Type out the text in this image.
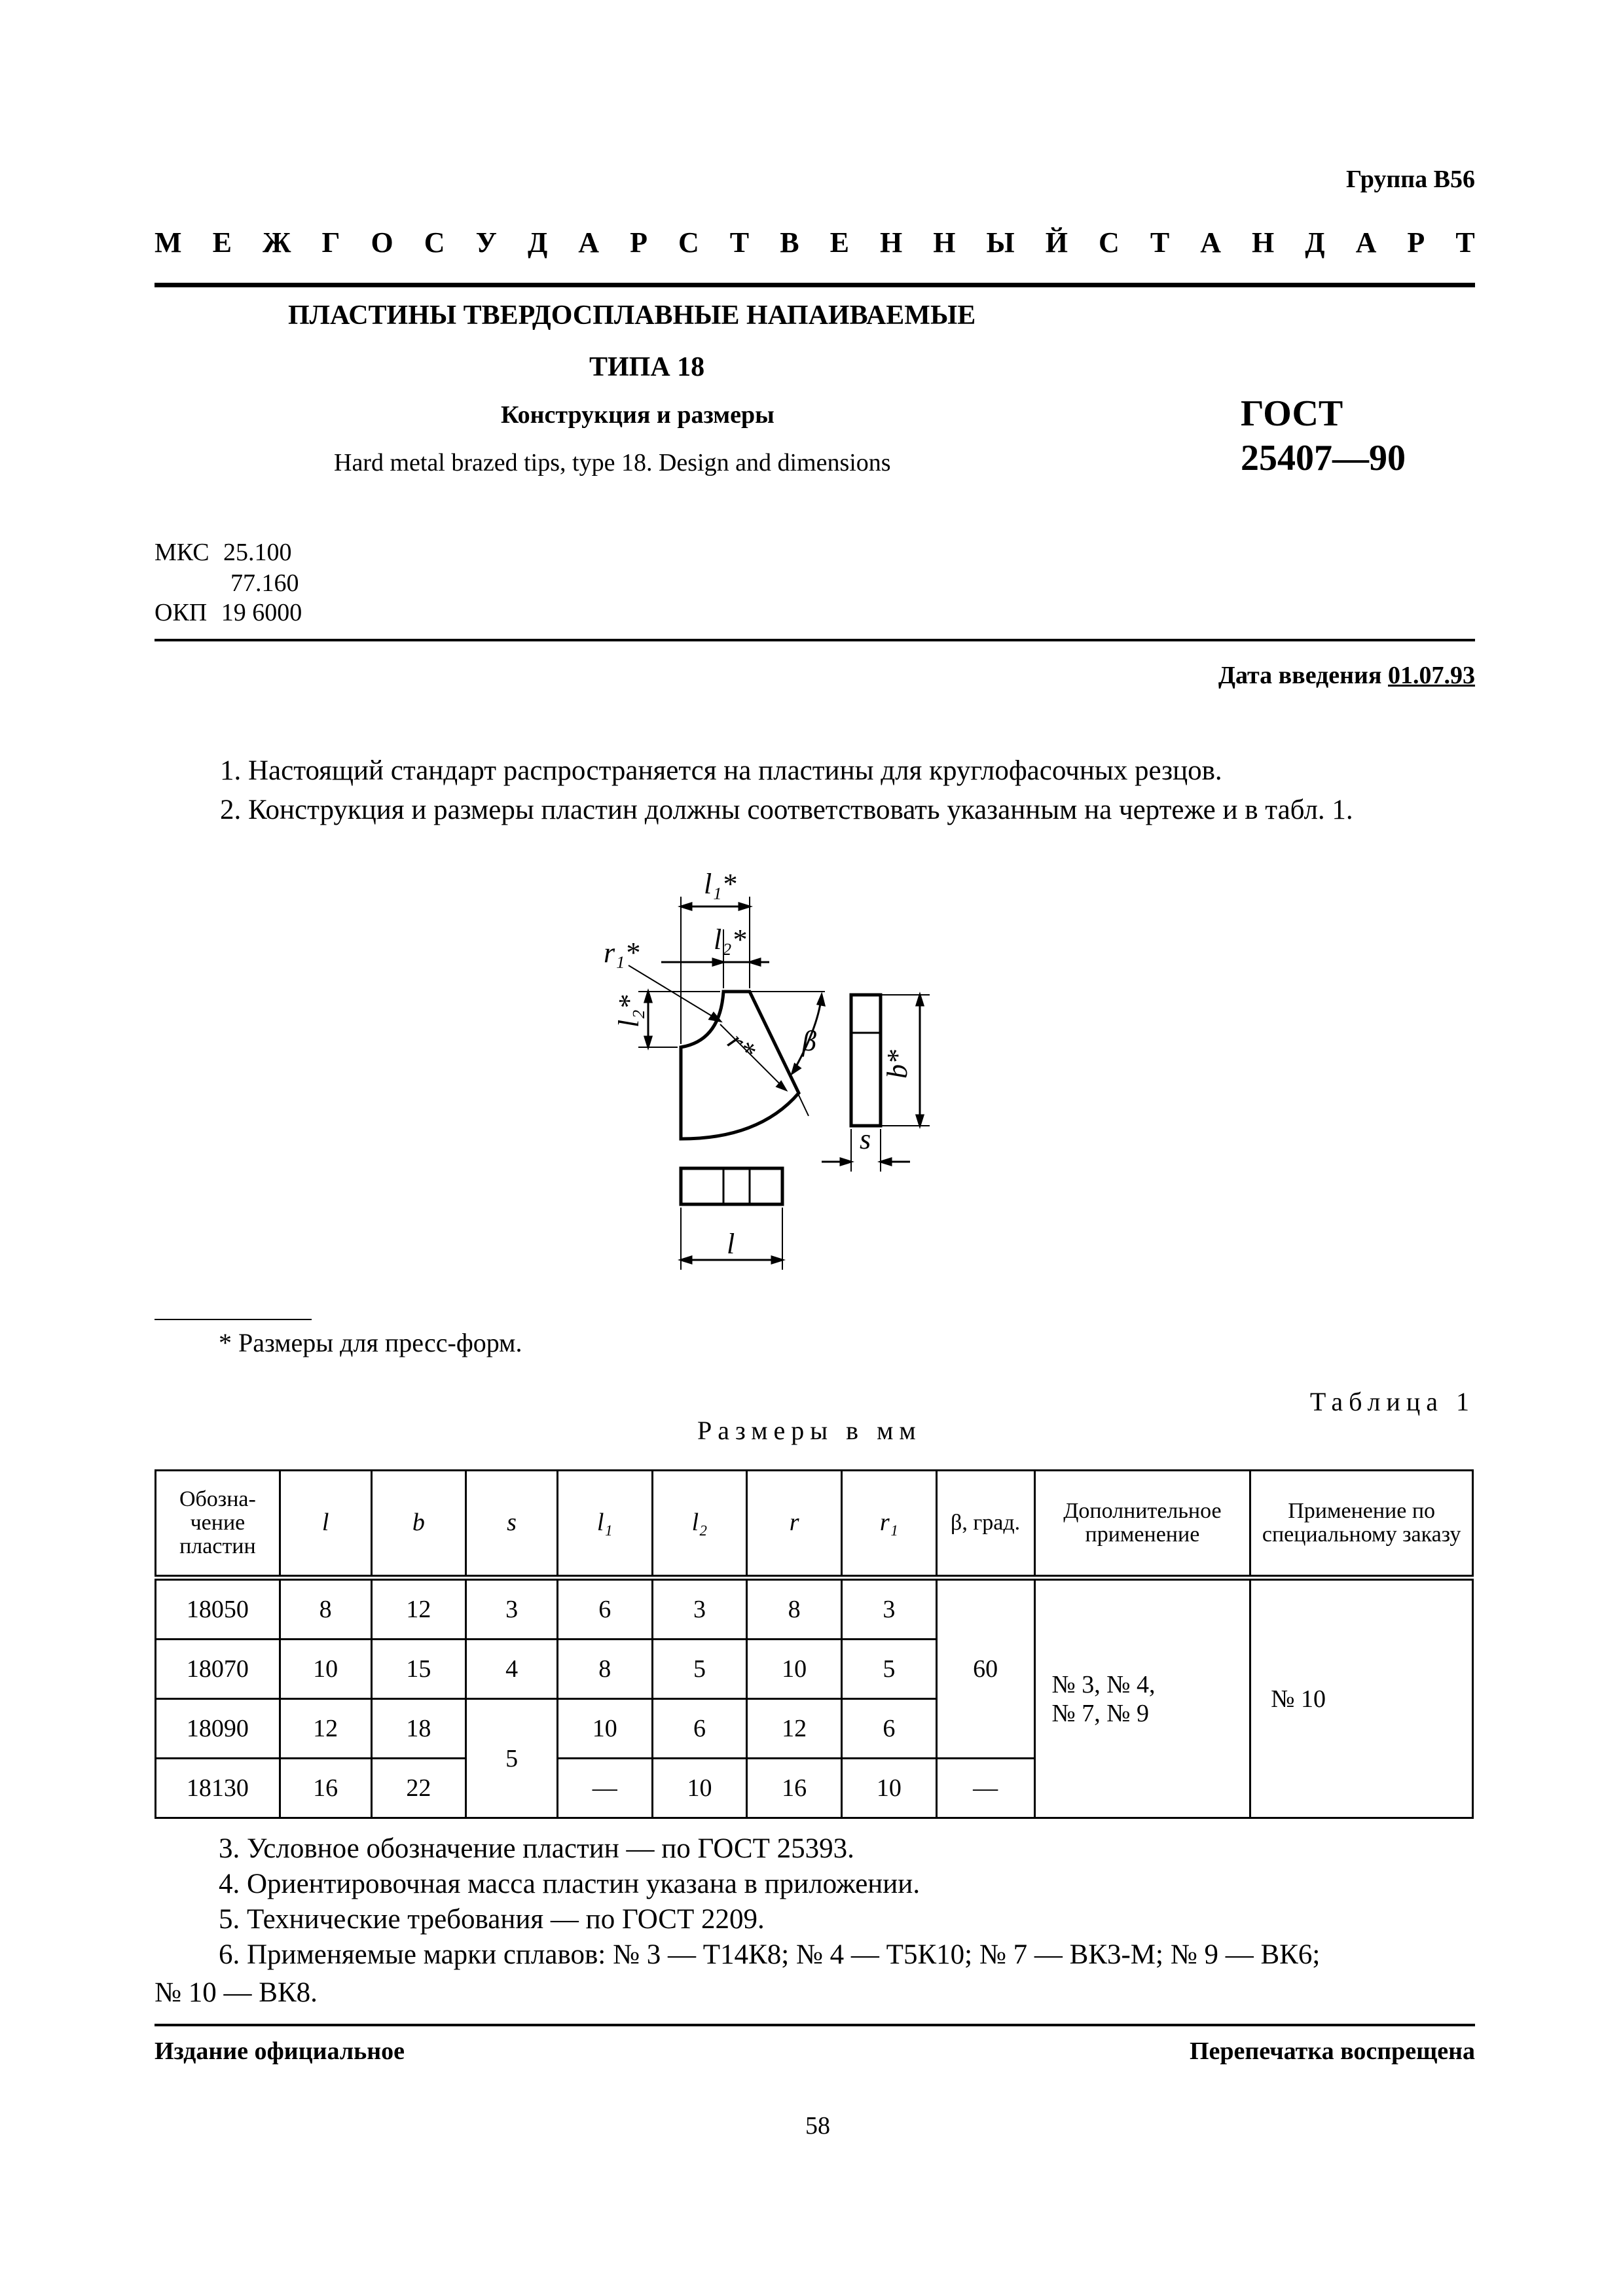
Группа В56
М Е Ж Г О С У Д А Р С Т В Е Н Н Ы Й С Т А Н Д А Р Т
ПЛАСТИНЫ ТВЕРДОСПЛАВНЫЕ НАПАИВАЕМЫЕ
ТИПА 18
Конструкция и размеры
Hard metal brazed tips, type 18. Design and dimensions
ГОСТ
25407—90
МКС 25.100
77.160
ОКП 19 6000
Дата введения 01.07.93
1. Настоящий стандарт распространяется на пластины для круглофасочных резцов.
2. Конструкция и размеры пластин должны соответствовать указанным на чертеже и в табл. 1.
l₁*
l₂*
r₁*
l₂*
r* β
b*
s
l
* Размеры для пресс-форм.
Таблица 1
Размеры в мм
Обозна-чение пластин	l	b	s	l₁	l₂	r	r₁	β, град.	Дополнительное применение	Применение по специальному заказу
18050	8	12	3	6	3	8	3	60	№ 3, № 4,
№ 7, № 9	№ 10
18070	10	15	4	8	5	10	5			
18090	12	18	5	10	6	12	6			
18130	16	22		—	10	16	10	—		
3. Условное обозначение пластин — по ГОСТ 25393.
4. Ориентировочная масса пластин указана в приложении.
5. Технические требования — по ГОСТ 2209.
6. Применяемые марки сплавов: № 3 — Т14К8; № 4 — Т5К10; № 7 — ВК3-М; № 9 — ВК6;
№ 10 — ВК8.
Издание официальное	Перепечатка воспрещена
58
